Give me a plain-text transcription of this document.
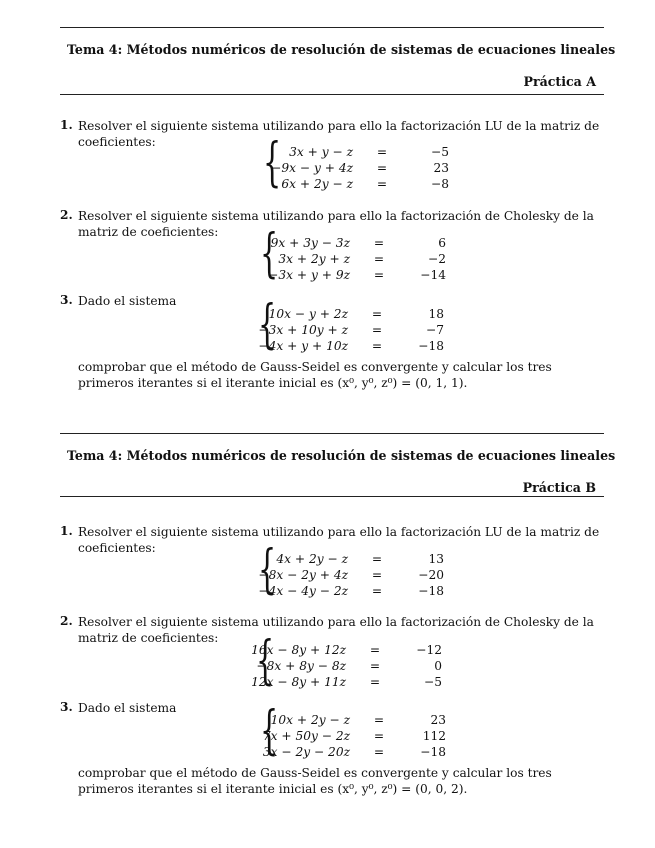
Tema 4: Métodos numéricos de resolución de sistemas de ecuaciones lineales
Práctica A
1. Resolver el siguiente sistema utilizando para ello la factorización LU de la matriz de coeficientes:	{ 3x + y − z =	−5
−9x − y + 4z =	23
6x + 2y − z =	−8
2. Resolver el siguiente sistema utilizando para ello la factorización de Cholesky de la matriz de coeficientes: {
9x + 3y − 3z =	6
3x + 2y + z =	−2
−3x + y + 9z =	−14
3. Dado el sistema	{
10x − y + 2z =	18
−3x + 10y + z =	−7
−4x + y + 10z =	−18
comprobar que el método de Gauss-Seidel es convergente y calcular los tres primeros iterantes si el iterante inicial es (x⁰, y⁰, z⁰) = (0, 1, 1).
Tema 4: Métodos numéricos de resolución de sistemas de ecuaciones lineales
Práctica B
1. Resolver el siguiente sistema utilizando para ello la factorización LU de la matriz de coeficientes:	{ 4x + 2y − z =	13
−8x − 2y + 4z =	−20
−4x − 4y − 2z =	−18
2. Resolver el siguiente sistema utilizando para ello la factorización de Cholesky de la matriz de coeficientes: {
16x − 8y + 12z =	−12
−8x + 8y − 8z =	0
12x − 8y + 11z =	−5
3. Dado el sistema	{
10x + 2y − z =	23
7x + 50y − 2z =	112
3x − 2y − 20z =	−18
comprobar que el método de Gauss-Seidel es convergente y calcular los tres primeros iterantes si el iterante inicial es (x⁰, y⁰, z⁰) = (0, 0, 2).
